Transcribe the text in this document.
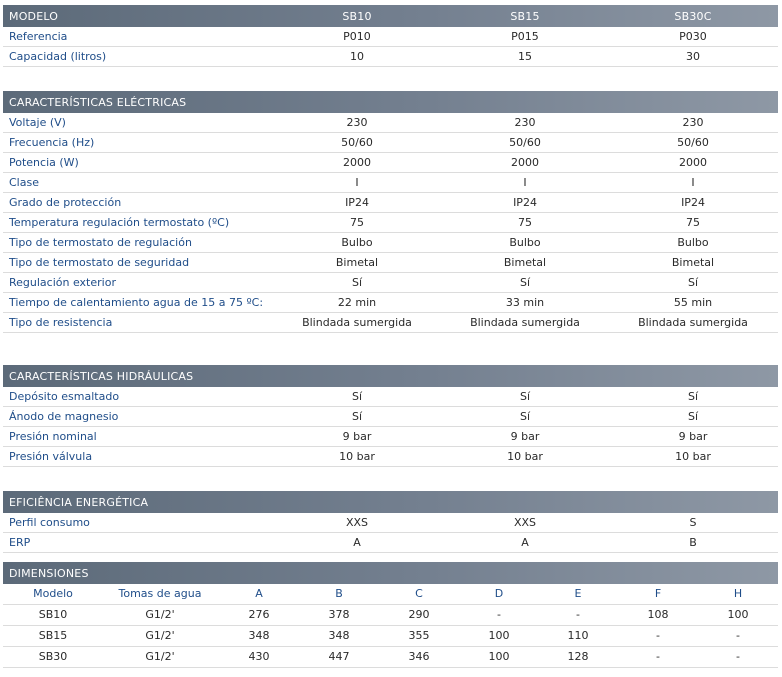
MODELO	SB10	SB15	SB30C
Referencia	P010	P015	P030
Capacidad (litros)	10	15	30
CARACTERÍSTICAS ELÉCTRICAS
Voltaje (V)	230	230	230
Frecuencia (Hz)	50/60	50/60	50/60
Potencia (W)	2000	2000	2000
Clase	I	I	I
Grado de protección	IP24	IP24	IP24
Temperatura regulación termostato (ºC)	75	75	75
Tipo de termostato de regulación	Bulbo	Bulbo	Bulbo
Tipo de termostato de seguridad	Bimetal	Bimetal	Bimetal
Regulación exterior	Sí	Sí	Sí
Tiempo de calentamiento agua de 15 a 75 ºC:	22 min	33 min	55 min
Tipo de resistencia	Blindada sumergida	Blindada sumergida	Blindada sumergida
CARACTERÍSTICAS HIDRÁULICAS
Depósito esmaltado	Sí	Sí	Sí
Ánodo de magnesio	Sí	Sí	Sí
Presión nominal	9 bar	9 bar	9 bar
Presión válvula	10 bar	10 bar	10 bar
EFICIÊNCIA ENERGÉTICA
Perfil consumo	XXS	XXS	S
ERP	A	A	B
DIMENSIONES
Modelo	Tomas de agua	A	B	C	D	E	F	H
SB10	G1/2'	276	378	290	-	-	108	100
SB15	G1/2'	348	348	355	100	110	-	-
SB30	G1/2'	430	447	346	100	128	-	-
